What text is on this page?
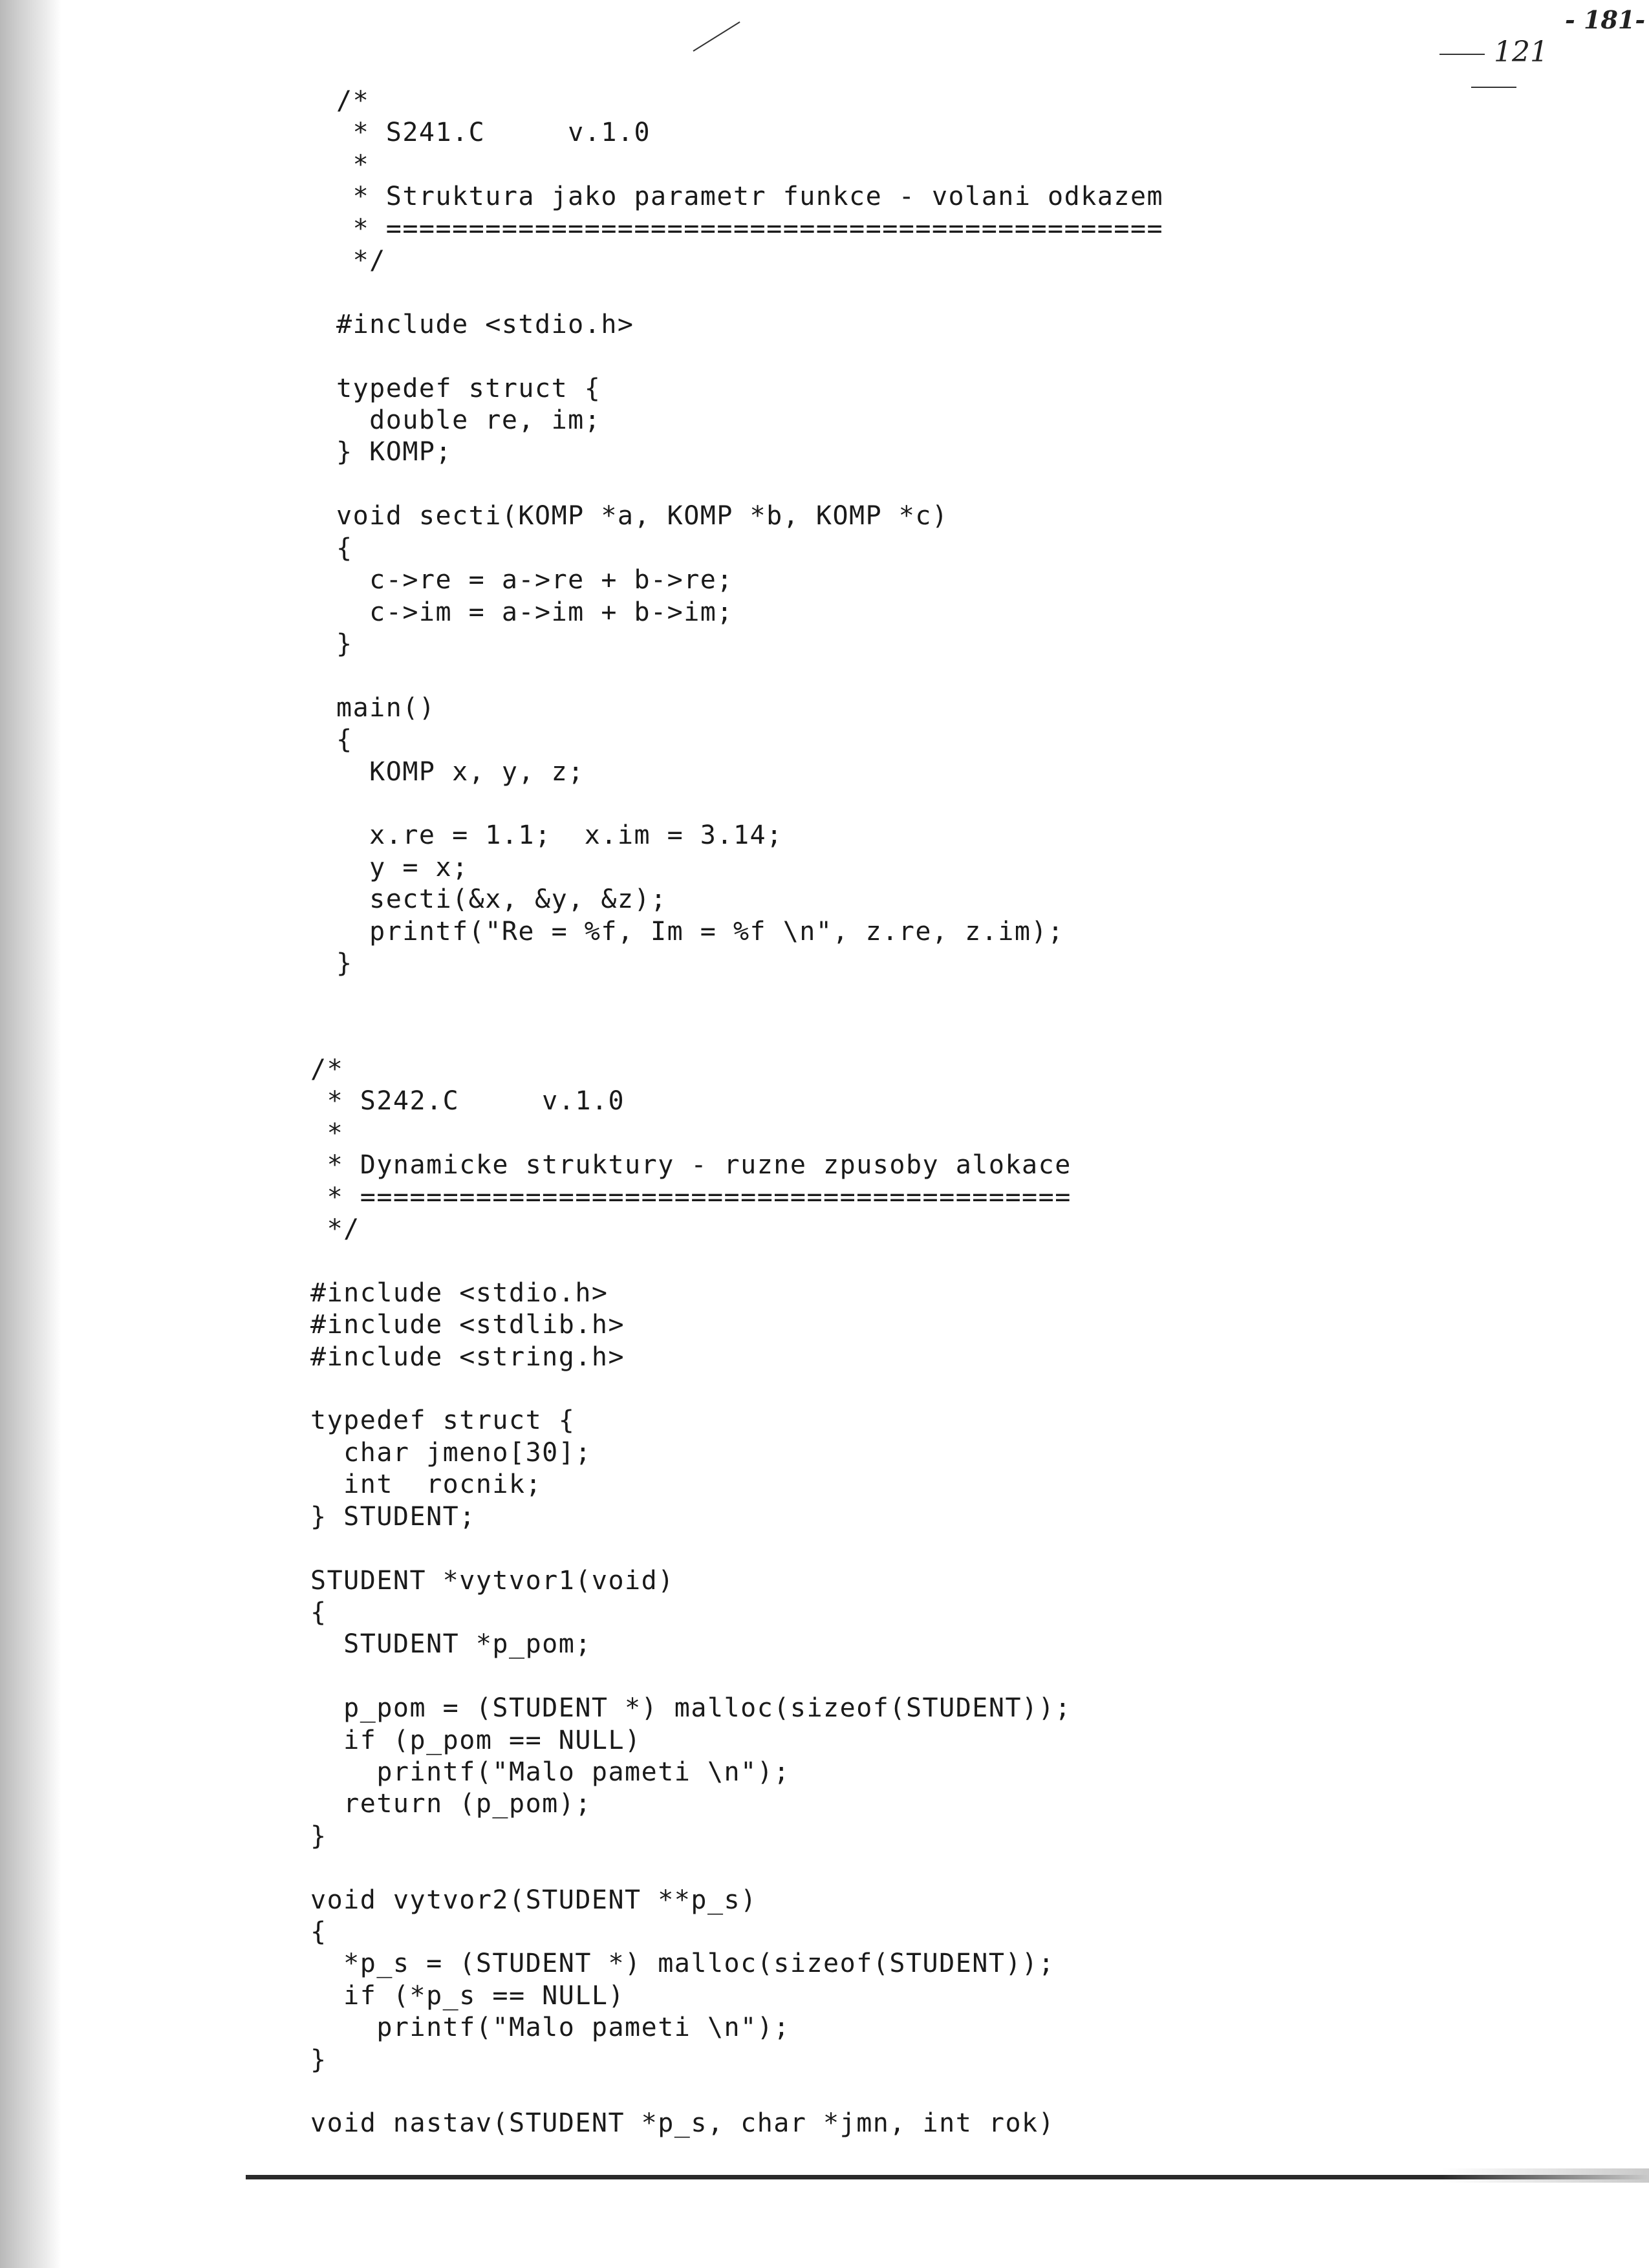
- 181-
121
/*
* S241.C     v.1.0
*
* Struktura jako parametr funkce - volani odkazem
* ===============================================
*/

#include <stdio.h>

typedef struct {
double re, im;
} KOMP;

void secti(KOMP *a, KOMP *b, KOMP *c)
{
c->re = a->re + b->re;
c->im = a->im + b->im;
}

main()
{
KOMP x, y, z;

x.re = 1.1;  x.im = 3.14;
y = x;
secti(&x, &y, &z);
printf("Re = %f, Im = %f \n", z.re, z.im);
}
/*
* S242.C     v.1.0
*
* Dynamicke struktury - ruzne zpusoby alokace
* ===========================================
*/

#include <stdio.h>
#include <stdlib.h>
#include <string.h>

typedef struct {
char jmeno[30];
int  rocnik;
} STUDENT;

STUDENT *vytvor1(void)
{
STUDENT *p_pom;

p_pom = (STUDENT *) malloc(sizeof(STUDENT));
if (p_pom == NULL)
printf("Malo pameti \n");
return (p_pom);
}

void vytvor2(STUDENT **p_s)
{
*p_s = (STUDENT *) malloc(sizeof(STUDENT));
if (*p_s == NULL)
printf("Malo pameti \n");
}

void nastav(STUDENT *p_s, char *jmn, int rok)
